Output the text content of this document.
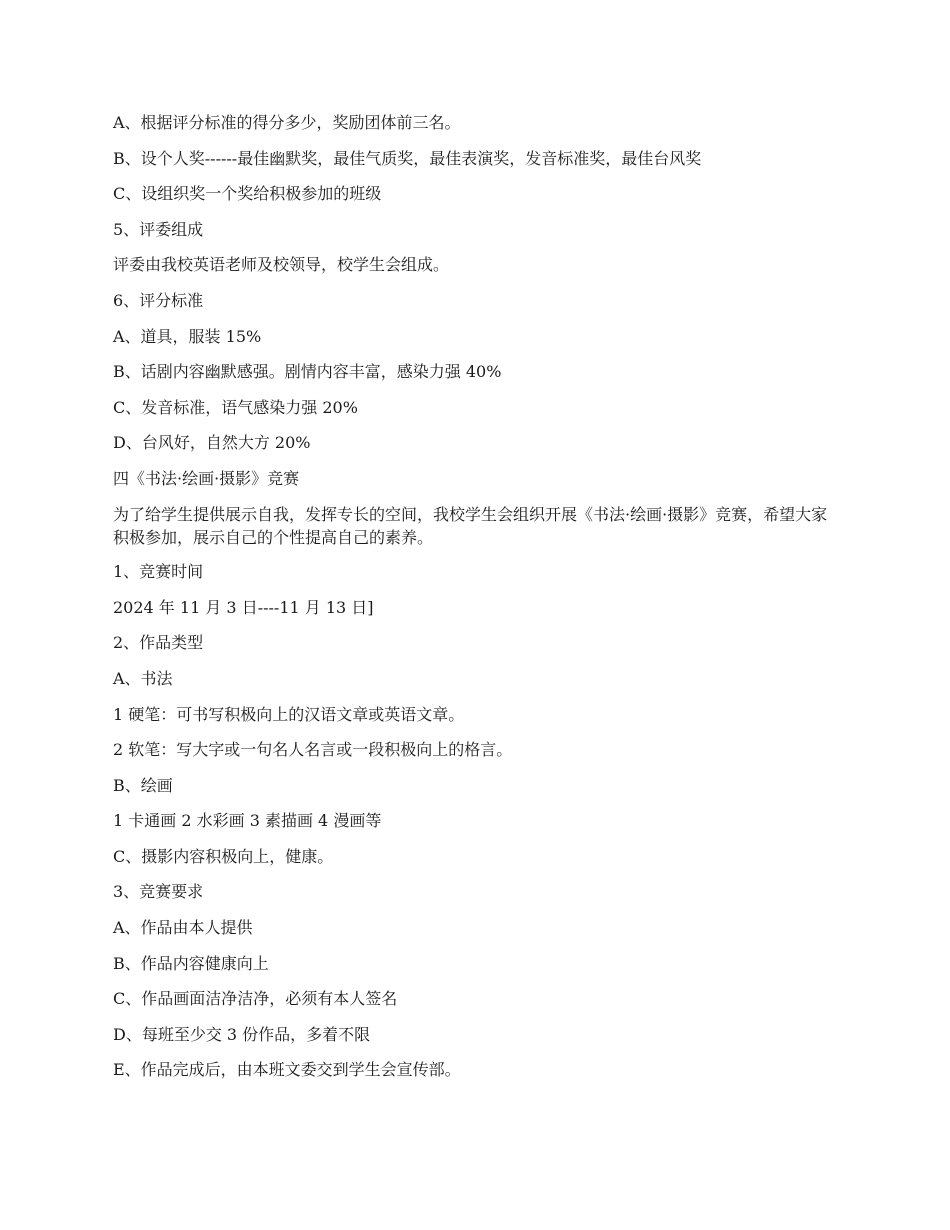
A、根据评分标准的得分多少，奖励团体前三名。

B、设个人奖------最佳幽默奖，最佳气质奖，最佳表演奖，发音标准奖，最佳台风奖

C、设组织奖一个奖给积极参加的班级

5、评委组成

评委由我校英语老师及校领导，校学生会组成。

6、评分标准

A、道具，服装 15%

B、话剧内容幽默感强。剧情内容丰富，感染力强 40%

C、发音标准，语气感染力强 20%

D、台风好，自然大方 20%

四《书法·绘画·摄影》竞赛

为了给学生提供展示自我，发挥专长的空间，我校学生会组织开展《书法·绘画·摄影》竞赛，希望大家积极参加，展示自己的个性提高自己的素养。

1、竞赛时间

2024 年 11 月 3 日----11 月 13 日]

2、作品类型

A、书法

1 硬笔：可书写积极向上的汉语文章或英语文章。

2 软笔：写大字或一句名人名言或一段积极向上的格言。

B、绘画

1 卡通画 2 水彩画 3 素描画 4 漫画等

C、摄影内容积极向上，健康。

3、竞赛要求

A、作品由本人提供

B、作品内容健康向上

C、作品画面洁净洁净，必须有本人签名

D、每班至少交 3 份作品，多着不限

E、作品完成后，由本班文委交到学生会宣传部。
